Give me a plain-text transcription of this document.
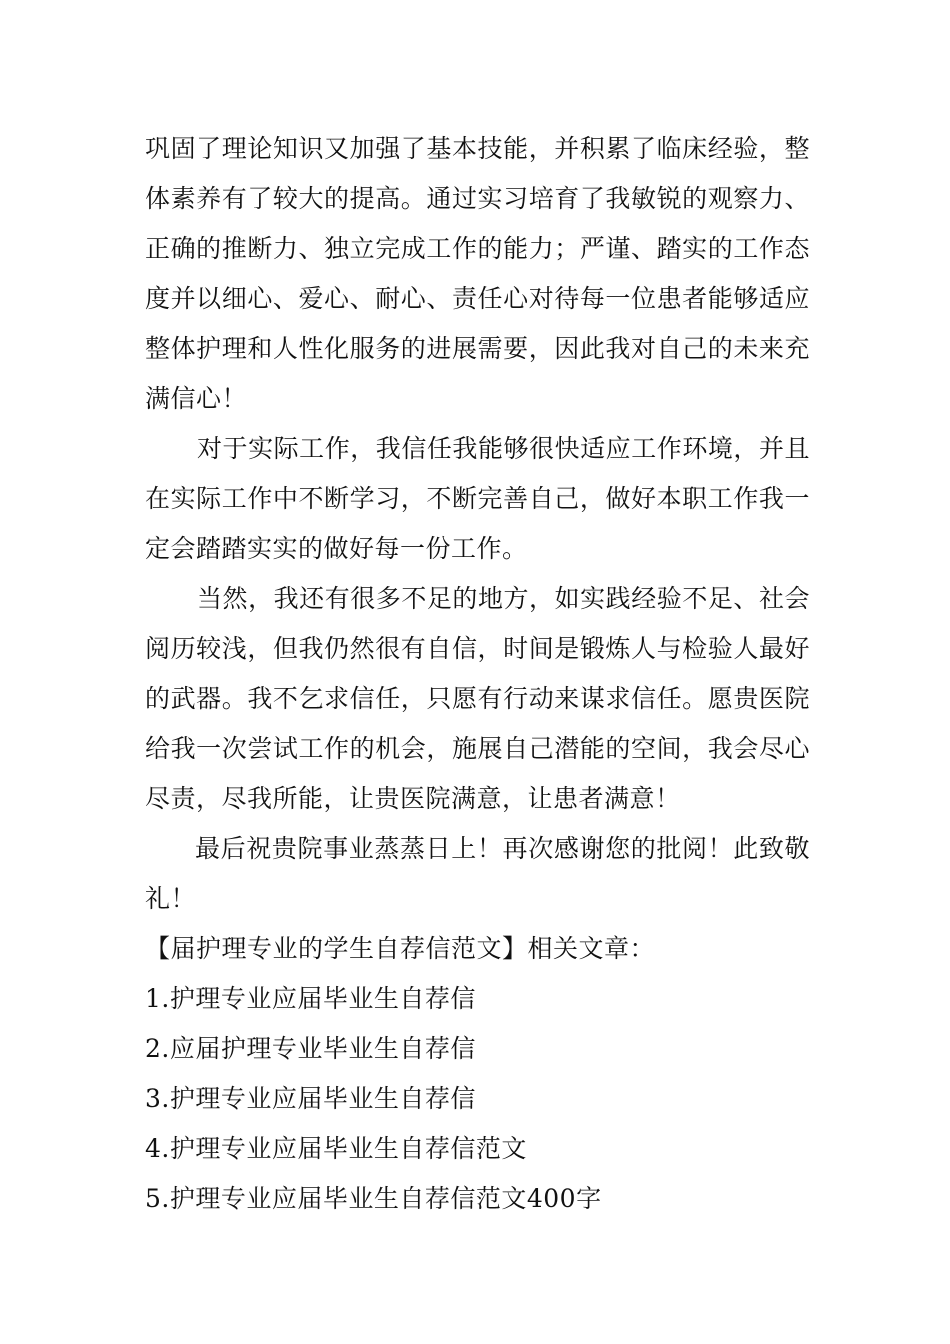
巩固了理论知识又加强了基本技能，并积累了临床经验，整体素养有了较大的提高。通过实习培育了我敏锐的观察力、正确的推断力、独立完成工作的能力；严谨、踏实的工作态度并以细心、爱心、耐心、责任心对待每一位患者能够适应整体护理和人性化服务的进展需要，因此我对自己的未来充满信心！

对于实际工作，我信任我能够很快适应工作环境，并且在实际工作中不断学习，不断完善自己，做好本职工作我一定会踏踏实实的做好每一份工作。

当然，我还有很多不足的地方，如实践经验不足、社会阅历较浅，但我仍然很有自信，时间是锻炼人与检验人最好的武器。我不乞求信任，只愿有行动来谋求信任。愿贵医院给我一次尝试工作的机会，施展自己潜能的空间，我会尽心尽责，尽我所能，让贵医院满意，让患者满意！

最后祝贵院事业蒸蒸日上！再次感谢您的批阅！此致敬礼！

【届护理专业的学生自荐信范文】相关文章：

1.护理专业应届毕业生自荐信
2.应届护理专业毕业生自荐信
3.护理专业应届毕业生自荐信
4.护理专业应届毕业生自荐信范文
5.护理专业应届毕业生自荐信范文400字
